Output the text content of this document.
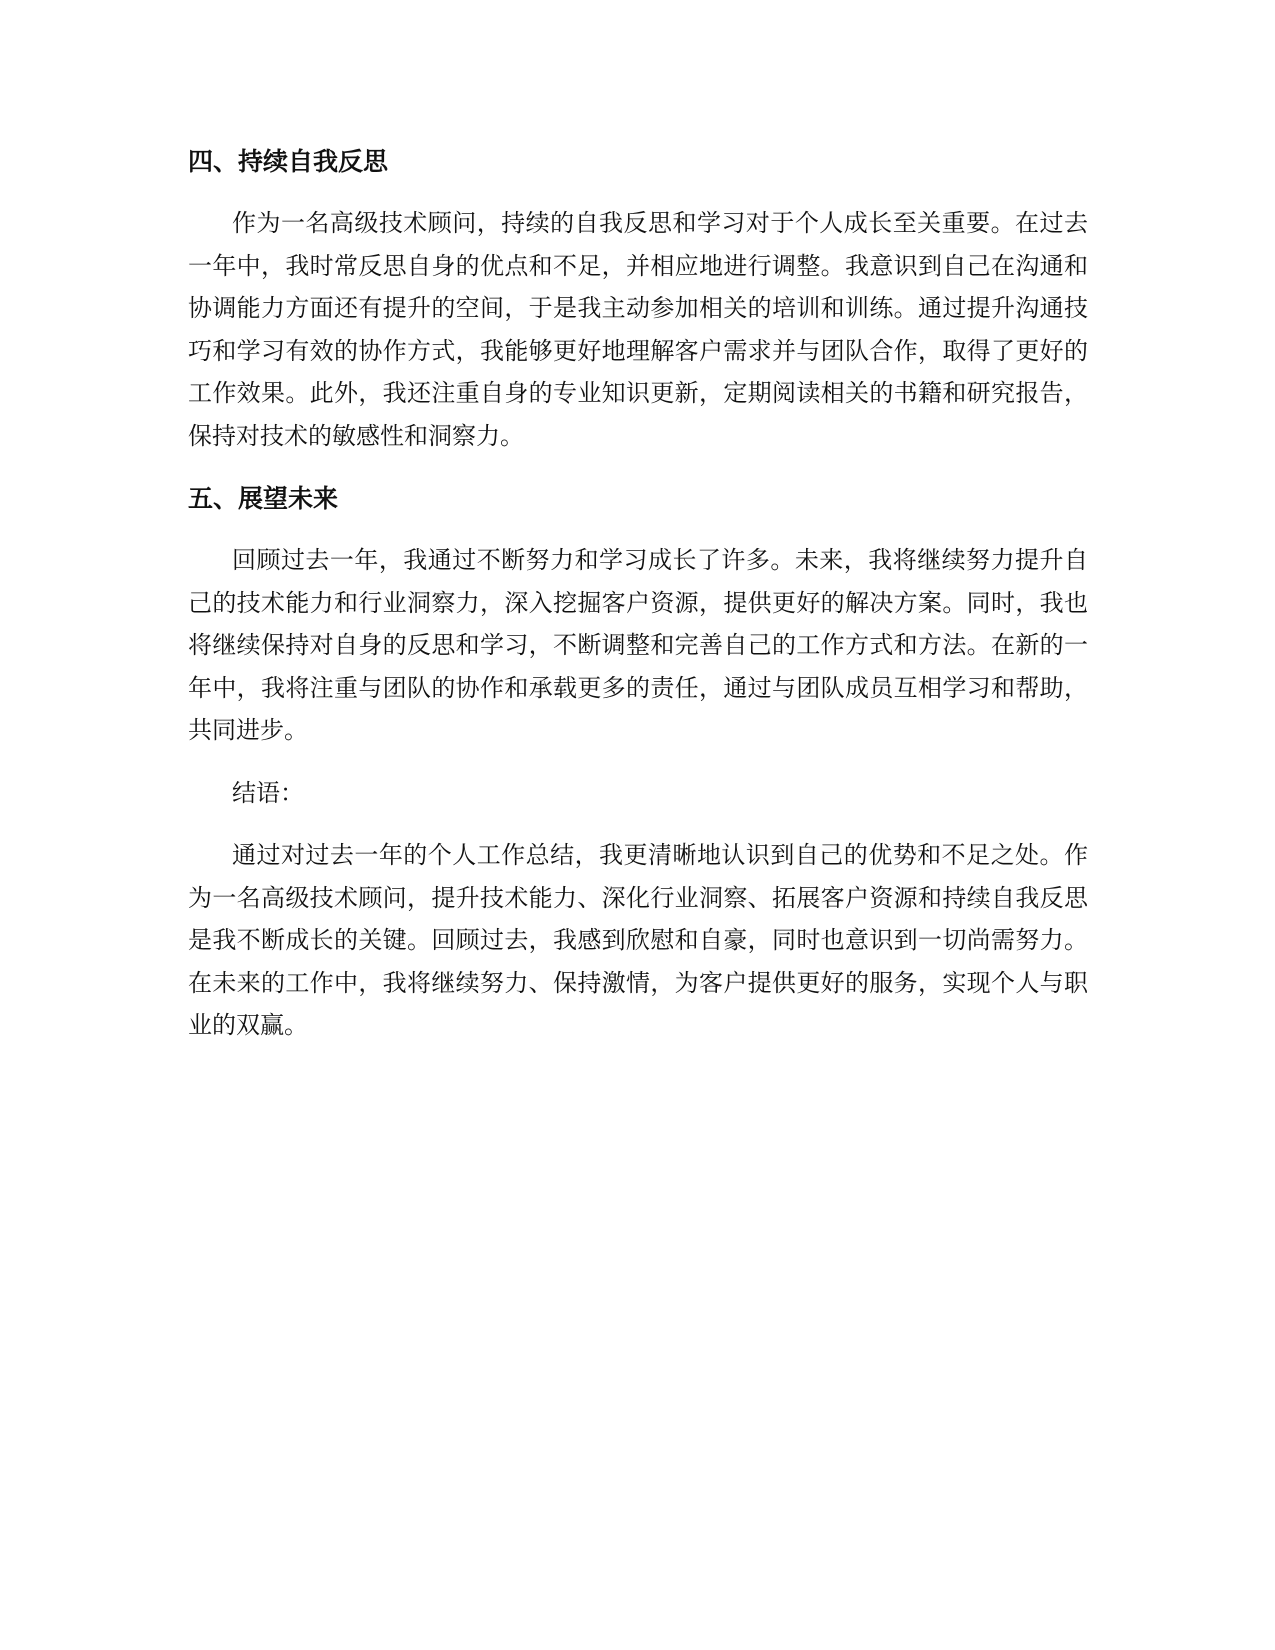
四、持续自我反思

作为一名高级技术顾问，持续的自我反思和学习对于个人成长至关重要。在过去一年中，我时常反思自身的优点和不足，并相应地进行调整。我意识到自己在沟通和协调能力方面还有提升的空间，于是我主动参加相关的培训和训练。通过提升沟通技巧和学习有效的协作方式，我能够更好地理解客户需求并与团队合作，取得了更好的工作效果。此外，我还注重自身的专业知识更新，定期阅读相关的书籍和研究报告，保持对技术的敏感性和洞察力。

五、展望未来

回顾过去一年，我通过不断努力和学习成长了许多。未来，我将继续努力提升自己的技术能力和行业洞察力，深入挖掘客户资源，提供更好的解决方案。同时，我也将继续保持对自身的反思和学习，不断调整和完善自己的工作方式和方法。在新的一年中，我将注重与团队的协作和承载更多的责任，通过与团队成员互相学习和帮助，共同进步。

结语：

通过对过去一年的个人工作总结，我更清晰地认识到自己的优势和不足之处。作为一名高级技术顾问，提升技术能力、深化行业洞察、拓展客户资源和持续自我反思是我不断成长的关键。回顾过去，我感到欣慰和自豪，同时也意识到一切尚需努力。在未来的工作中，我将继续努力、保持激情，为客户提供更好的服务，实现个人与职业的双赢。
